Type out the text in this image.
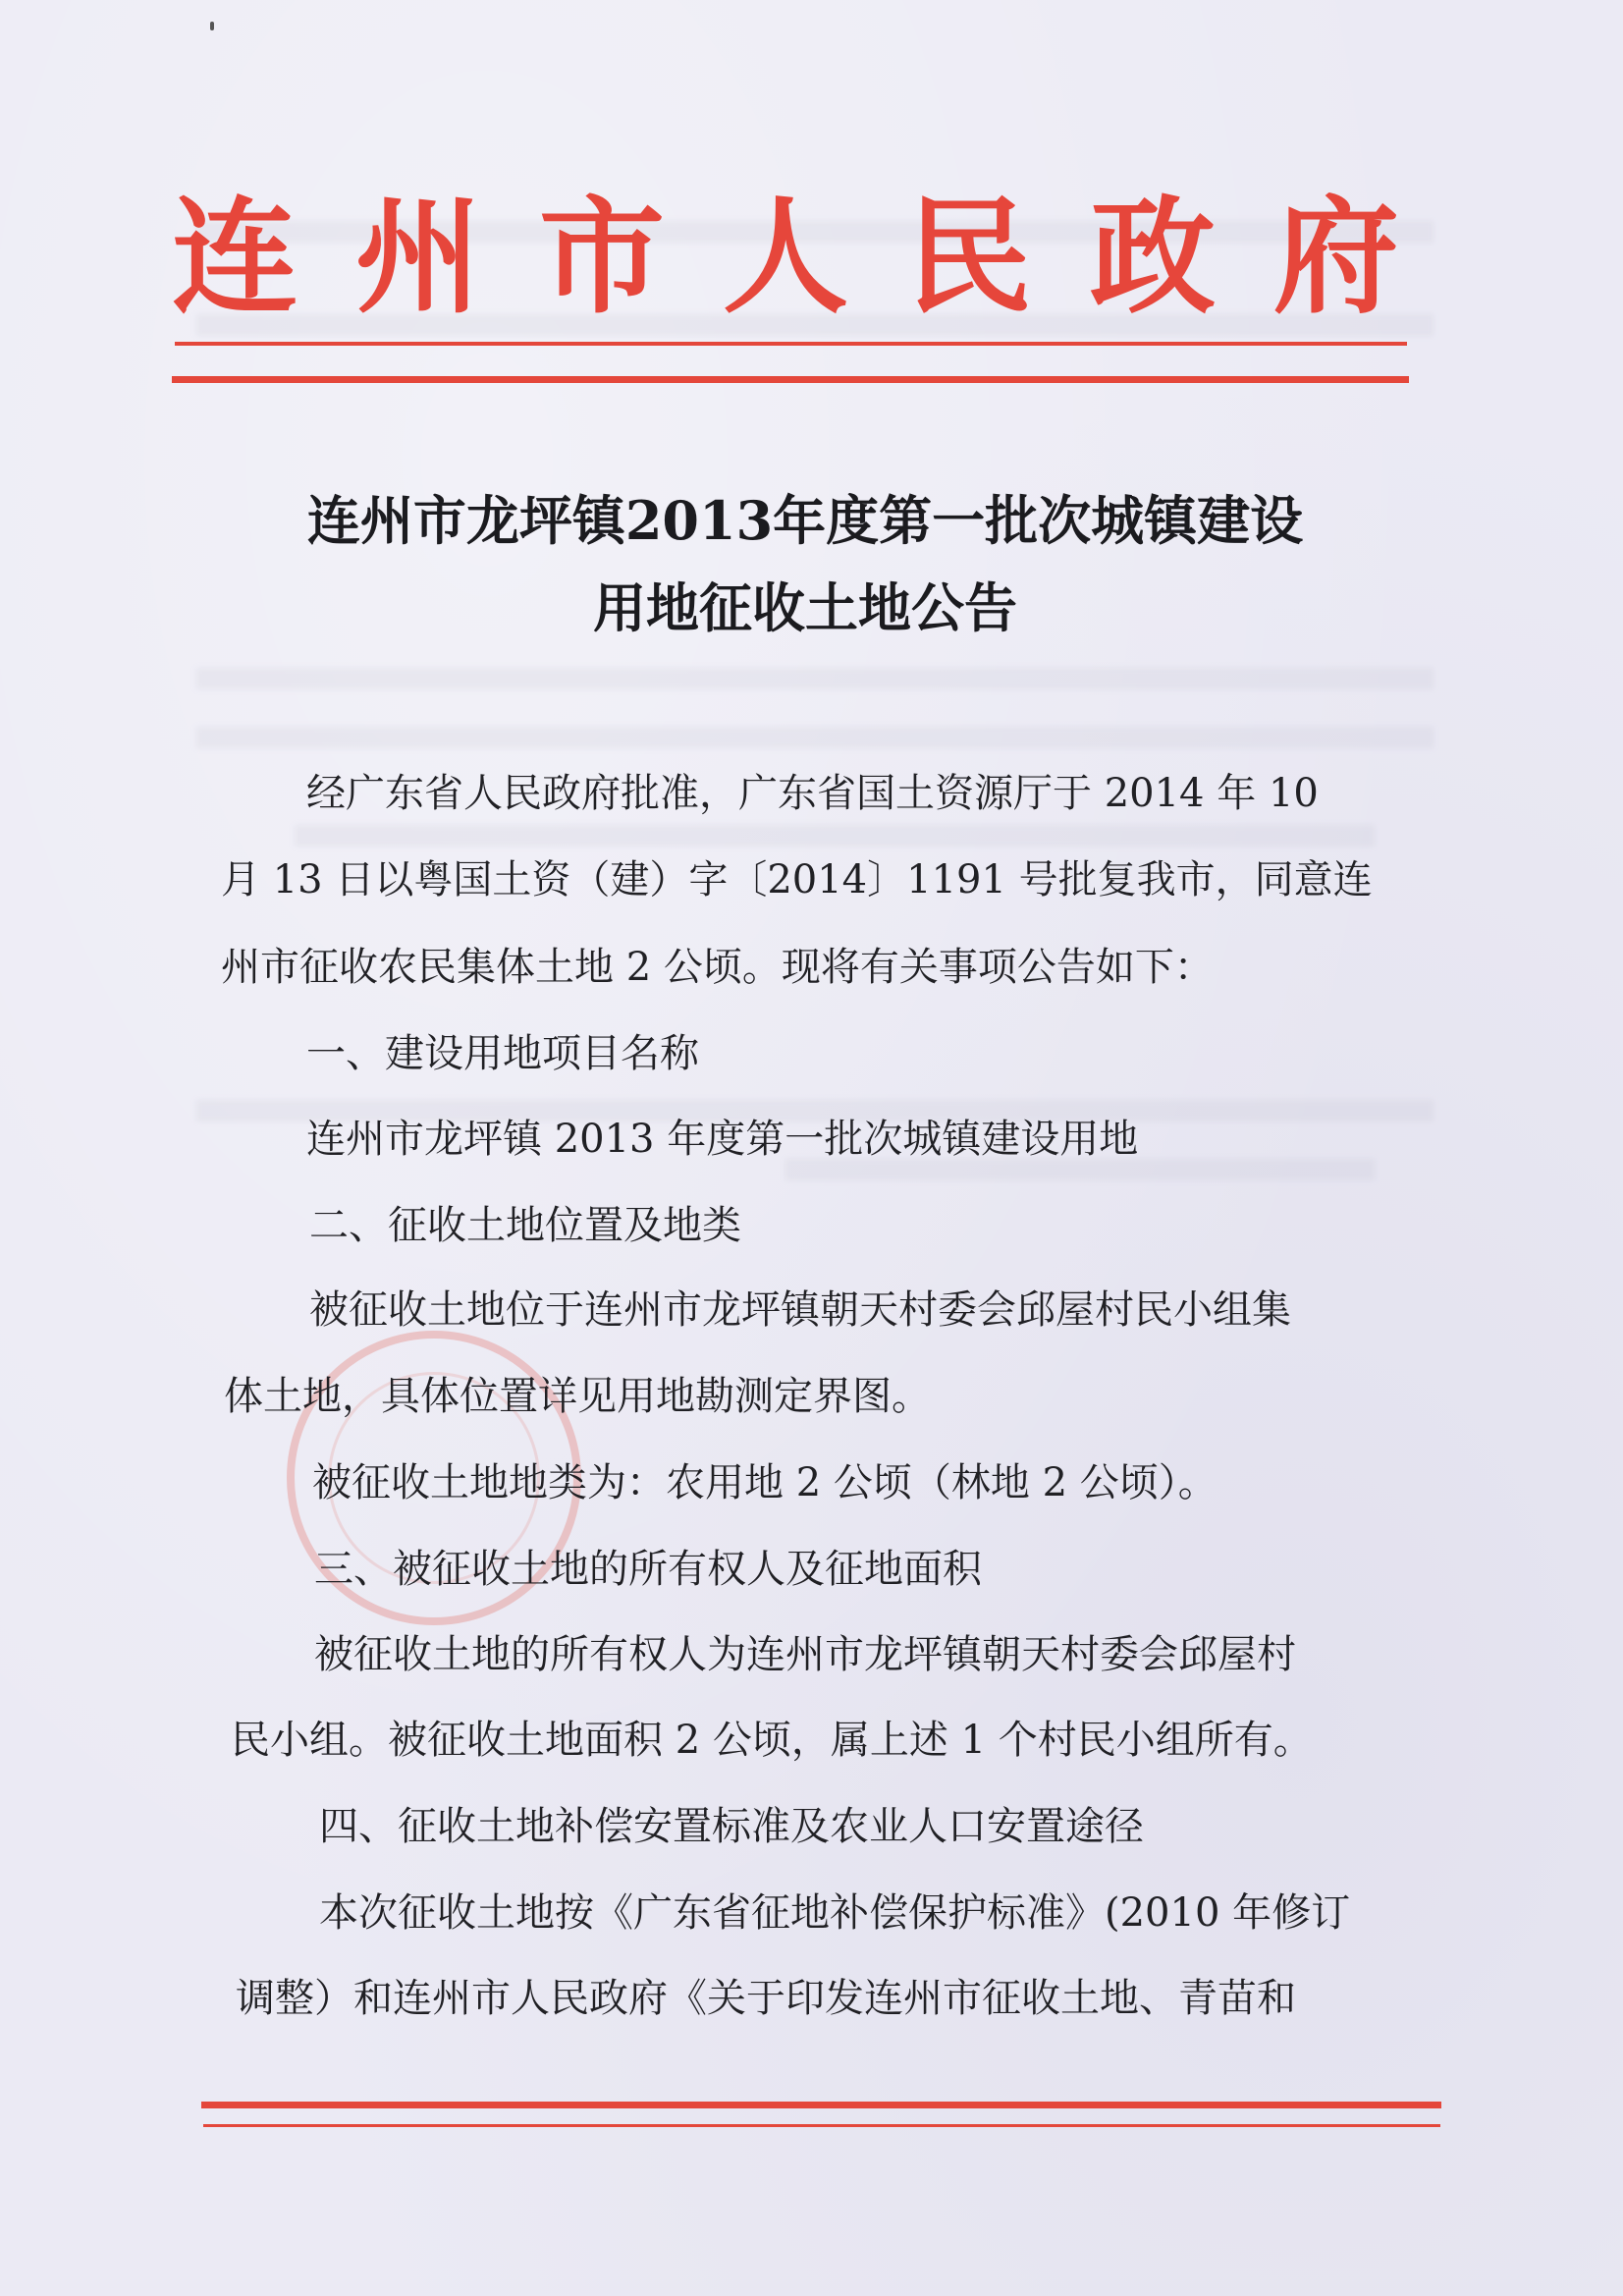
连 州 市 人 民 政 府
连州市龙坪镇2013年度第一批次城镇建设
用地征收土地公告
经广东省人民政府批准，广东省国土资源厅于 2014 年 10
月 13 日以粤国土资（建）字〔2014〕1191 号批复我市，同意连
州市征收农民集体土地 2 公顷。现将有关事项公告如下：
一、建设用地项目名称
连州市龙坪镇 2013 年度第一批次城镇建设用地
二、征收土地位置及地类
被征收土地位于连州市龙坪镇朝天村委会邱屋村民小组集
体土地，具体位置详见用地勘测定界图。
被征收土地地类为：农用地 2 公顷（林地 2 公顷）。
三、被征收土地的所有权人及征地面积
被征收土地的所有权人为连州市龙坪镇朝天村委会邱屋村
民小组。被征收土地面积 2 公顷，属上述 1 个村民小组所有。
四、征收土地补偿安置标准及农业人口安置途径
本次征收土地按《广东省征地补偿保护标准》(2010 年修订
调整）和连州市人民政府《关于印发连州市征收土地、青苗和
